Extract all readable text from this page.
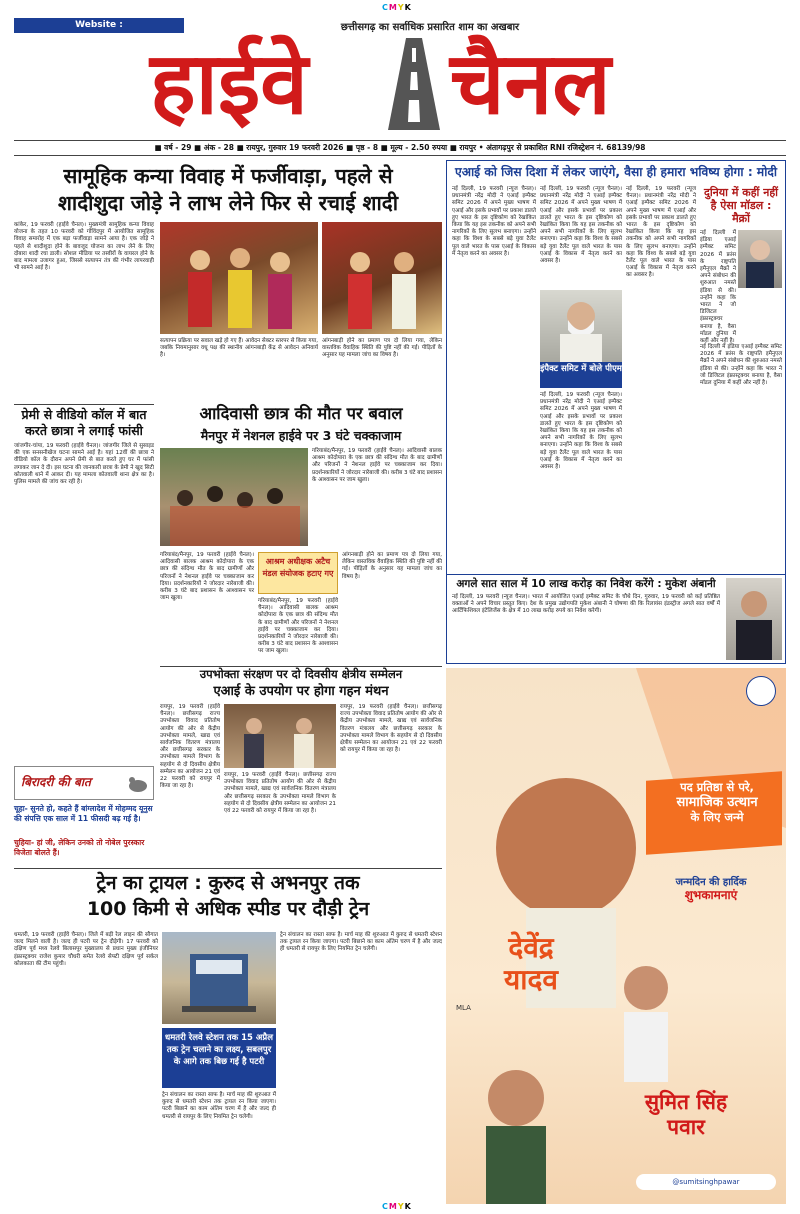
CMYK
CMYK
Website : www.highwaychannel.in
छत्तीसगढ़ का सर्वाधिक प्रसारित शाम का अखबार
हाईवे चैनल
■ वर्ष - 29 ■ अंक - 28 ■ रायपुर, गुरुवार 19 फरवरी 2026 ■ पृष्ठ - 8 ■ मूल्य - 2.50 रुपया ■ रायपुर • अंतागढ़पुर से प्रकाशित RNI रजिस्ट्रेशन नं. 68139/98
सामूहिक कन्या विवाह में फर्जीवाड़ा, पहले से
शादीशुदा जोड़े ने लाभ लेने फिर से रचाई शादी
कांकेर, 19 फरवरी (हाईवे चैनल)। मुख्यमंत्री सामूहिक कन्या विवाह योजना के तहत 10 फरवरी को गोविंदपुर में आयोजित सामूहिक विवाह समारोह में एक बड़ा फर्जीवाड़ा सामने आया है। एक जोड़े ने पहले से शादीशुदा होने के बावजूद योजना का लाभ लेने के लिए दोबारा शादी रचा डाली। सोशल मीडिया पर तस्वीरों के वायरल होने के बाद मामला उजागर हुआ, जिससे सत्यापन तंत्र की गंभीर लापरवाही भी सामने आई है।
सत्यापन प्रक्रिया पर सवाल खड़े हो गए हैं। आवेदन सेक्टर स्तरपर से किया गया, जबकि नियमानुसार वधू पक्ष की स्थानीय आंगनबाड़ी केंद्र से आवेदन अनिवार्य है।
आंगनबाड़ी होने का प्रमाण पत्र दो लिया गया, लेकिन वास्तविक वैवाहिक स्थिति की पुष्टि नहीं की गई। पीड़ितों के अनुसार यह मामला जांच का विषय है।
प्रेमी से वीडियो कॉल में बात करते छात्रा ने लगाई फांसी
जांजगीर-चांपा, 19 फरवरी (हाईवे चैनल)। जांजगीर जिले से सुसाइड की एक सनसनीखेज घटना सामने आई है। यहां 12वीं की छात्रा ने वीडियो कॉल के दौरान अपने प्रेमी से बात करते हुए घर में फांसी लगाकर जान दे दी। इस घटना की जानकारी छात्रा के प्रेमी ने खुद सिटी कोतवाली थाने में आकर दी। यह मामला कोतवाली थाना क्षेत्र का है। पुलिस मामले की जांच कर रही है।
आदिवासी छात्र की मौत पर बवाल
मैनपुर में नेशनल हाईवे पर 3 घंटे चक्काजाम
गरियाबंद/मैनपुर, 19 फरवरी (हाईवे चैनल)। आदिवासी बालक आश्रम कोदोपारा के एक छात्र की संदिग्ध मौत के बाद ग्रामीणों और परिजनों ने नेशनल हाईवे पर चक्काजाम कर दिया। प्रदर्शनकारियों ने जोरदार नारेबाजी की। करीब 3 घंटे बाद प्रशासन के आश्वासन पर जाम खुला।
गरियाबंद/मैनपुर, 19 फरवरी (हाईवे चैनल)। आदिवासी बालक आश्रम कोदोपारा के एक छात्र की संदिग्ध मौत के बाद ग्रामीणों और परिजनों ने नेशनल हाईवे पर चक्काजाम कर दिया। प्रदर्शनकारियों ने जोरदार नारेबाजी की। करीब 3 घंटे बाद प्रशासन के आश्वासन पर जाम खुला।
आश्रम अधीक्षक अटैच मंडल संयोजक हटाए गए
गरियाबंद/मैनपुर, 19 फरवरी (हाईवे चैनल)। आदिवासी बालक आश्रम कोदोपारा के एक छात्र की संदिग्ध मौत के बाद ग्रामीणों और परिजनों ने नेशनल हाईवे पर चक्काजाम कर दिया। प्रदर्शनकारियों ने जोरदार नारेबाजी की। करीब 3 घंटे बाद प्रशासन के आश्वासन पर जाम खुला।
आंगनबाड़ी होने का प्रमाण पत्र दो लिया गया, लेकिन वास्तविक वैवाहिक स्थिति की पुष्टि नहीं की गई। पीड़ितों के अनुसार यह मामला जांच का विषय है।
एआई को जिस दिशा में लेकर जाएंगे, वैसा ही हमारा भविष्य होगा : मोदी
नई दिल्ली, 19 फरवरी (न्यूज चैनल)। प्रधानमंत्री नरेंद्र मोदी ने एआई इम्पैक्ट समिट 2026 में अपने मुख्य भाषण में एआई और इसके प्रभावों पर प्रकाश डालते हुए भारत के इस दृष्टिकोण को रेखांकित किया कि यह इस तकनीक को अपने सभी नागरिकों के लिए सुलभ बनाएगा। उन्होंने कहा कि विश्व के सबसे बड़े युवा टैलेंट पूल वाले भारत के पास एआई के विकास में नेतृत्व करने का अवसर है।
नई दिल्ली, 19 फरवरी (न्यूज चैनल)। प्रधानमंत्री नरेंद्र मोदी ने एआई इम्पैक्ट समिट 2026 में अपने मुख्य भाषण में एआई और इसके प्रभावों पर प्रकाश डालते हुए भारत के इस दृष्टिकोण को रेखांकित किया कि यह इस तकनीक को अपने सभी नागरिकों के लिए सुलभ बनाएगा। उन्होंने कहा कि विश्व के सबसे बड़े युवा टैलेंट पूल वाले भारत के पास एआई के विकास में नेतृत्व करने का अवसर है।
इंपैक्ट समिट में बोले पीएम
नई दिल्ली, 19 फरवरी (न्यूज चैनल)। प्रधानमंत्री नरेंद्र मोदी ने एआई इम्पैक्ट समिट 2026 में अपने मुख्य भाषण में एआई और इसके प्रभावों पर प्रकाश डालते हुए भारत के इस दृष्टिकोण को रेखांकित किया कि यह इस तकनीक को अपने सभी नागरिकों के लिए सुलभ बनाएगा। उन्होंने कहा कि विश्व के सबसे बड़े युवा टैलेंट पूल वाले भारत के पास एआई के विकास में नेतृत्व करने का अवसर है।
नई दिल्ली, 19 फरवरी (न्यूज चैनल)। प्रधानमंत्री नरेंद्र मोदी ने एआई इम्पैक्ट समिट 2026 में अपने मुख्य भाषण में एआई और इसके प्रभावों पर प्रकाश डालते हुए भारत के इस दृष्टिकोण को रेखांकित किया कि यह इस तकनीक को अपने सभी नागरिकों के लिए सुलभ बनाएगा। उन्होंने कहा कि विश्व के सबसे बड़े युवा टैलेंट पूल वाले भारत के पास एआई के विकास में नेतृत्व करने का अवसर है।
दुनिया में कहीं नहीं है ऐसा मॉडल : मैक्रों
नई दिल्ली में इंडिया एआई इम्पैक्ट समिट 2026 में फ्रांस के राष्ट्रपति इमैनुएल मैक्रों ने अपने संबोधन की शुरुआत नमस्ते इंडिया से की। उन्होंने कहा कि भारत ने जो डिजिटल इंफ्रास्ट्रक्चर बनाया है, वैसा मॉडल दुनिया में कहीं और नहीं है।
नई दिल्ली में इंडिया एआई इम्पैक्ट समिट 2026 में फ्रांस के राष्ट्रपति इमैनुएल मैक्रों ने अपने संबोधन की शुरुआत नमस्ते इंडिया से की। उन्होंने कहा कि भारत ने जो डिजिटल इंफ्रास्ट्रक्चर बनाया है, वैसा मॉडल दुनिया में कहीं और नहीं है।
अगले सात साल में 10 लाख करोड़ का निवेश करेंगे : मुकेश अंबानी
नई दिल्ली, 19 फरवरी (न्यूज चैनल)। भारत में आयोजित एआई इम्पैक्ट समिट के चौथे दिन, गुरुवार, 19 फरवरी को कई प्रतिष्ठित वक्ताओं ने अपने विचार प्रस्तुत किए। देश के प्रमुख उद्योगपति मुकेश अंबानी ने घोषणा की कि रिलायंस इंडस्ट्रीज अगले सात वर्षों में आर्टिफिशियल इंटेलिजेंस के क्षेत्र में 10 लाख करोड़ रुपये का निवेश करेगी।
उपभोक्ता संरक्षण पर दो दिवसीय क्षेत्रीय सम्मेलन
एआई के उपयोग पर होगा गहन मंथन
रायपुर, 19 फरवरी (हाईवे चैनल)। छत्तीसगढ़ राज्य उपभोक्ता विवाद प्रतितोष आयोग की ओर से केंद्रीय उपभोक्ता मामले, खाद्य एवं सार्वजनिक वितरण मंत्रालय और छत्तीसगढ़ सरकार के उपभोक्ता मामले विभाग के सहयोग से दो दिवसीय क्षेत्रीय सम्मेलन का आयोजन 21 एवं 22 फरवरी को रायपुर में किया जा रहा है।
रायपुर, 19 फरवरी (हाईवे चैनल)। छत्तीसगढ़ राज्य उपभोक्ता विवाद प्रतितोष आयोग की ओर से केंद्रीय उपभोक्ता मामले, खाद्य एवं सार्वजनिक वितरण मंत्रालय और छत्तीसगढ़ सरकार के उपभोक्ता मामले विभाग के सहयोग से दो दिवसीय क्षेत्रीय सम्मेलन का आयोजन 21 एवं 22 फरवरी को रायपुर में किया जा रहा है।
रायपुर, 19 फरवरी (हाईवे चैनल)। छत्तीसगढ़ राज्य उपभोक्ता विवाद प्रतितोष आयोग की ओर से केंद्रीय उपभोक्ता मामले, खाद्य एवं सार्वजनिक वितरण मंत्रालय और छत्तीसगढ़ सरकार के उपभोक्ता मामले विभाग के सहयोग से दो दिवसीय क्षेत्रीय सम्मेलन का आयोजन 21 एवं 22 फरवरी को रायपुर में किया जा रहा है।
बिरादरी की बात
चूहा- सुनते हो, कहते हैं बांग्लादेश में मोहम्मद यूनुस की संपत्ति एक साल में 11 फीसदी बढ़ गई है।
चुहिया- हां जी, लेकिन उनको तो नोबेल पुरस्कार विजेता बोलते हैं।
ट्रेन का ट्रायल : कुरुद से अभनपुर तक
100 किमी से अधिक स्पीड पर दौड़ी ट्रेन
धमतरी, 19 फरवरी (हाईवे चैनल)। जिले में बड़ी रेल लाइन की सौगात जल्द मिलने वाली है। जल्द ही पटरी पर ट्रेन दौड़ेगी। 17 फरवरी को दक्षिण पूर्व मध्य रेलवे बिलासपुर मुख्यालय से प्रधान मुख्य इंजीनियर इंफ्रास्ट्रक्चर राजेश कुमार चौधरी समेत रेलवे सेफ्टी दक्षिण पूर्व सर्कल कोलकाता की टीम पहुंची।
धमतरी रेलवे स्टेशन तक 15 अप्रैल तक ट्रेन चलाने का लक्ष्य, सबलपुर के आगे तक बिछ गई है पटरी
ट्रेन संचालन का रास्ता साफ है। मार्च माह की शुरुआत में कुरुद से धमतरी स्टेशन तक ट्रायल रन किया जाएगा। पटरी बिछाने का काम अंतिम चरण में है और जल्द ही धमतरी से रायपुर के लिए नियमित ट्रेन चलेगी।
ट्रेन संचालन का रास्ता साफ है। मार्च माह की शुरुआत में कुरुद से धमतरी स्टेशन तक ट्रायल रन किया जाएगा। पटरी बिछाने का काम अंतिम चरण में है और जल्द ही धमतरी से रायपुर के लिए नियमित ट्रेन चलेगी।
पद प्रतिष्ठा से परे,
सामाजिक उत्थान
के लिए जन्मे
जन्मदिन की हार्दिक
शुभकामनाएं
देवेंद्र
यादव
MLA
सुमित सिंह
पवार
@sumitsinghpawar
